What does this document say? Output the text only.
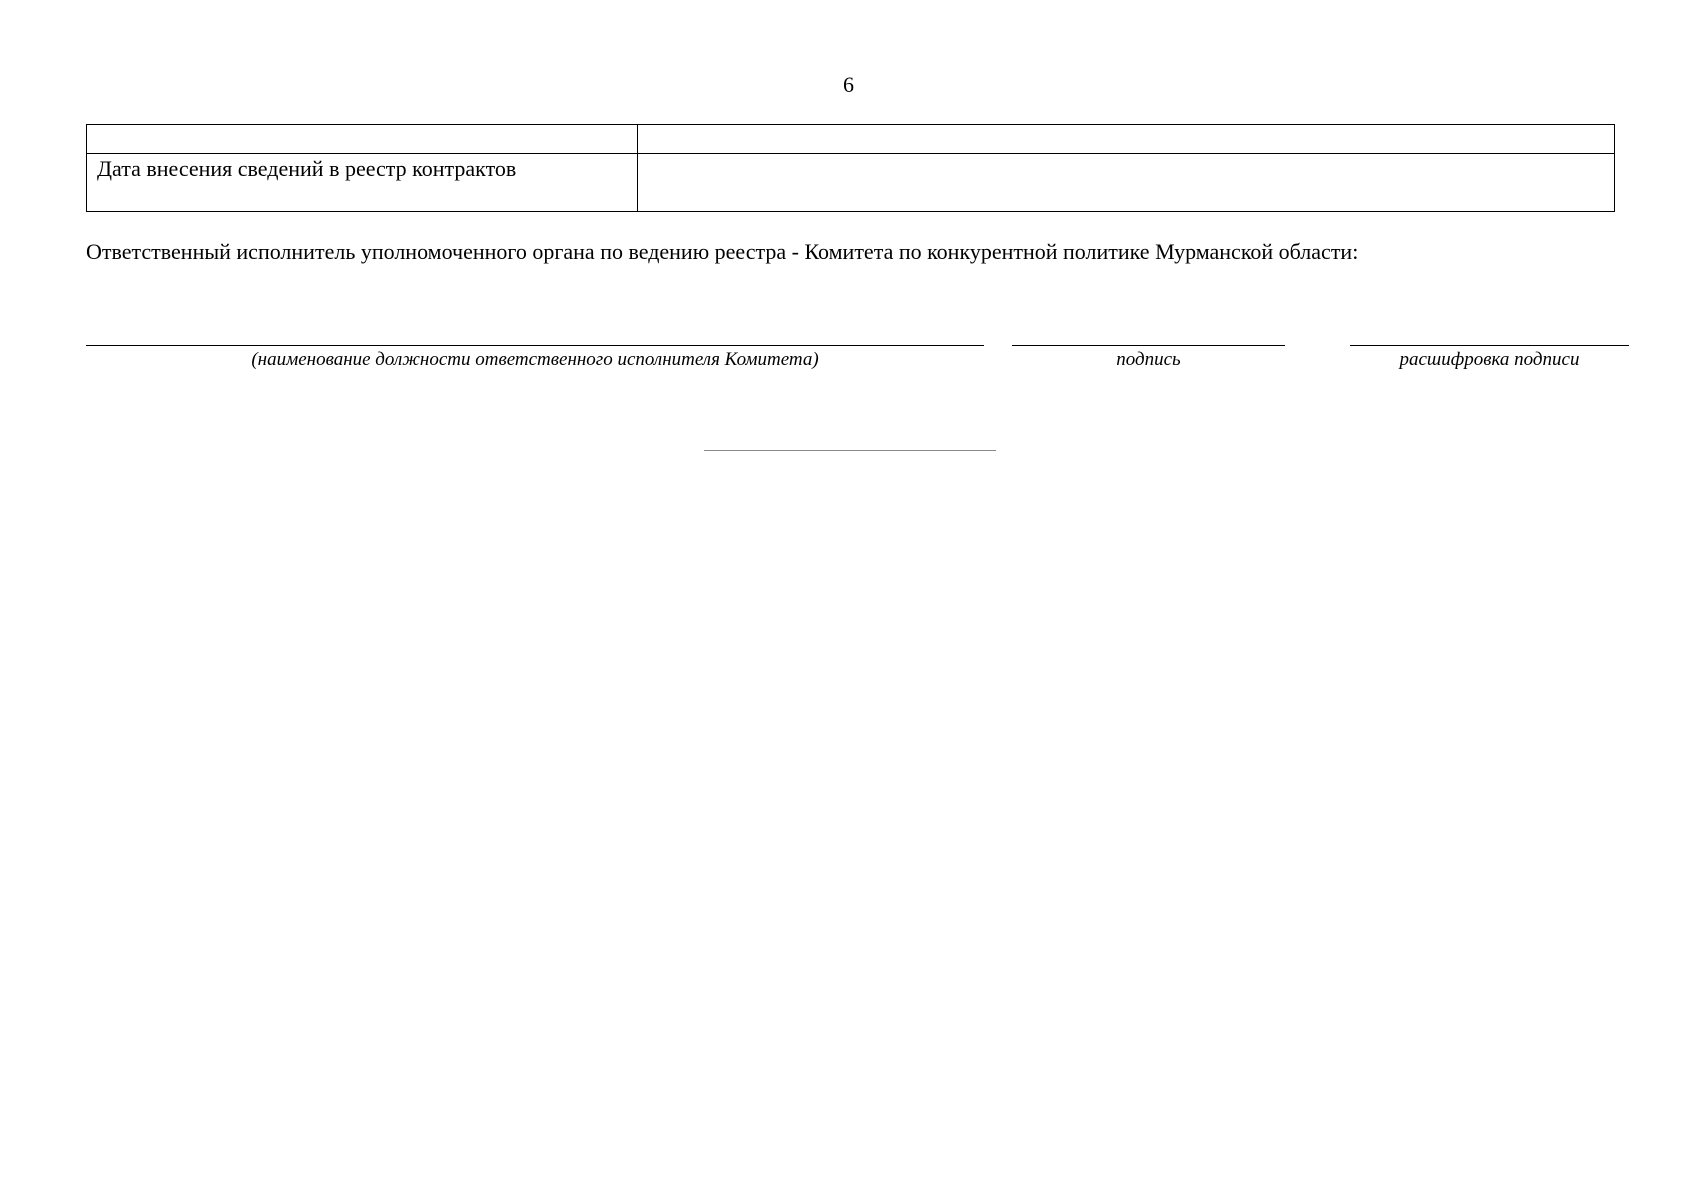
6

Дата внесения сведений в реестр контрактов	
Ответственный исполнитель уполномоченного органа по ведению реестра - Комитета по конкурентной политике Мурманской области:
(наименование должности ответственного исполнителя Комитета)	подпись	расшифровка подписи
